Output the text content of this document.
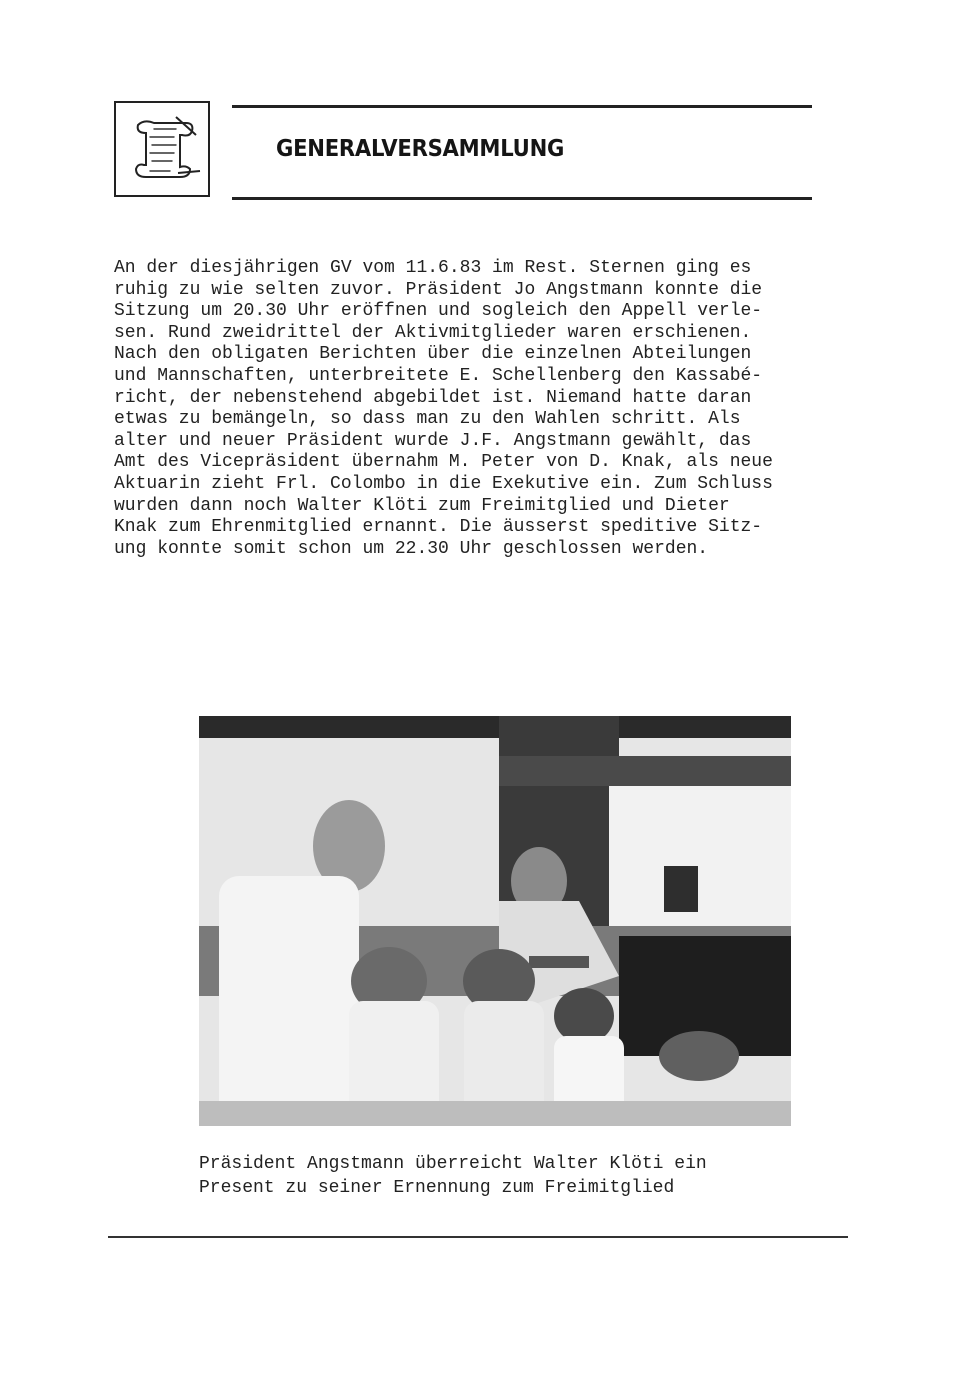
GENERALVERSAMMLUNG

An der diesjährigen GV vom 11.6.83 im Rest. Sternen ging es
ruhig zu wie selten zuvor. Präsident Jo Angstmann konnte die
Sitzung um 20.30 Uhr eröffnen und sogleich den Appell verle-
sen. Rund zweidrittel der Aktivmitglieder waren erschienen.
Nach den obligaten Berichten über die einzelnen Abteilungen
und Mannschaften, unterbreitete E. Schellenberg den Kassabé-
richt, der nebenstehend abgebildet ist. Niemand hatte daran
etwas zu bemängeln, so dass man zu den Wahlen schritt. Als
alter und neuer Präsident wurde J.F. Angstmann gewählt, das
Amt des Vicepräsident übernahm M. Peter von D. Knak, als neue
Aktuarin zieht Frl. Colombo in die Exekutive ein. Zum Schluss
wurden dann noch Walter Klöti zum Freimitglied und Dieter
Knak zum Ehrenmitglied ernannt. Die äusserst speditive Sitz-
ung konnte somit schon um 22.30 Uhr geschlossen werden.

Präsident Angstmann überreicht Walter Klöti ein
Present zu seiner Ernennung zum Freimitglied
